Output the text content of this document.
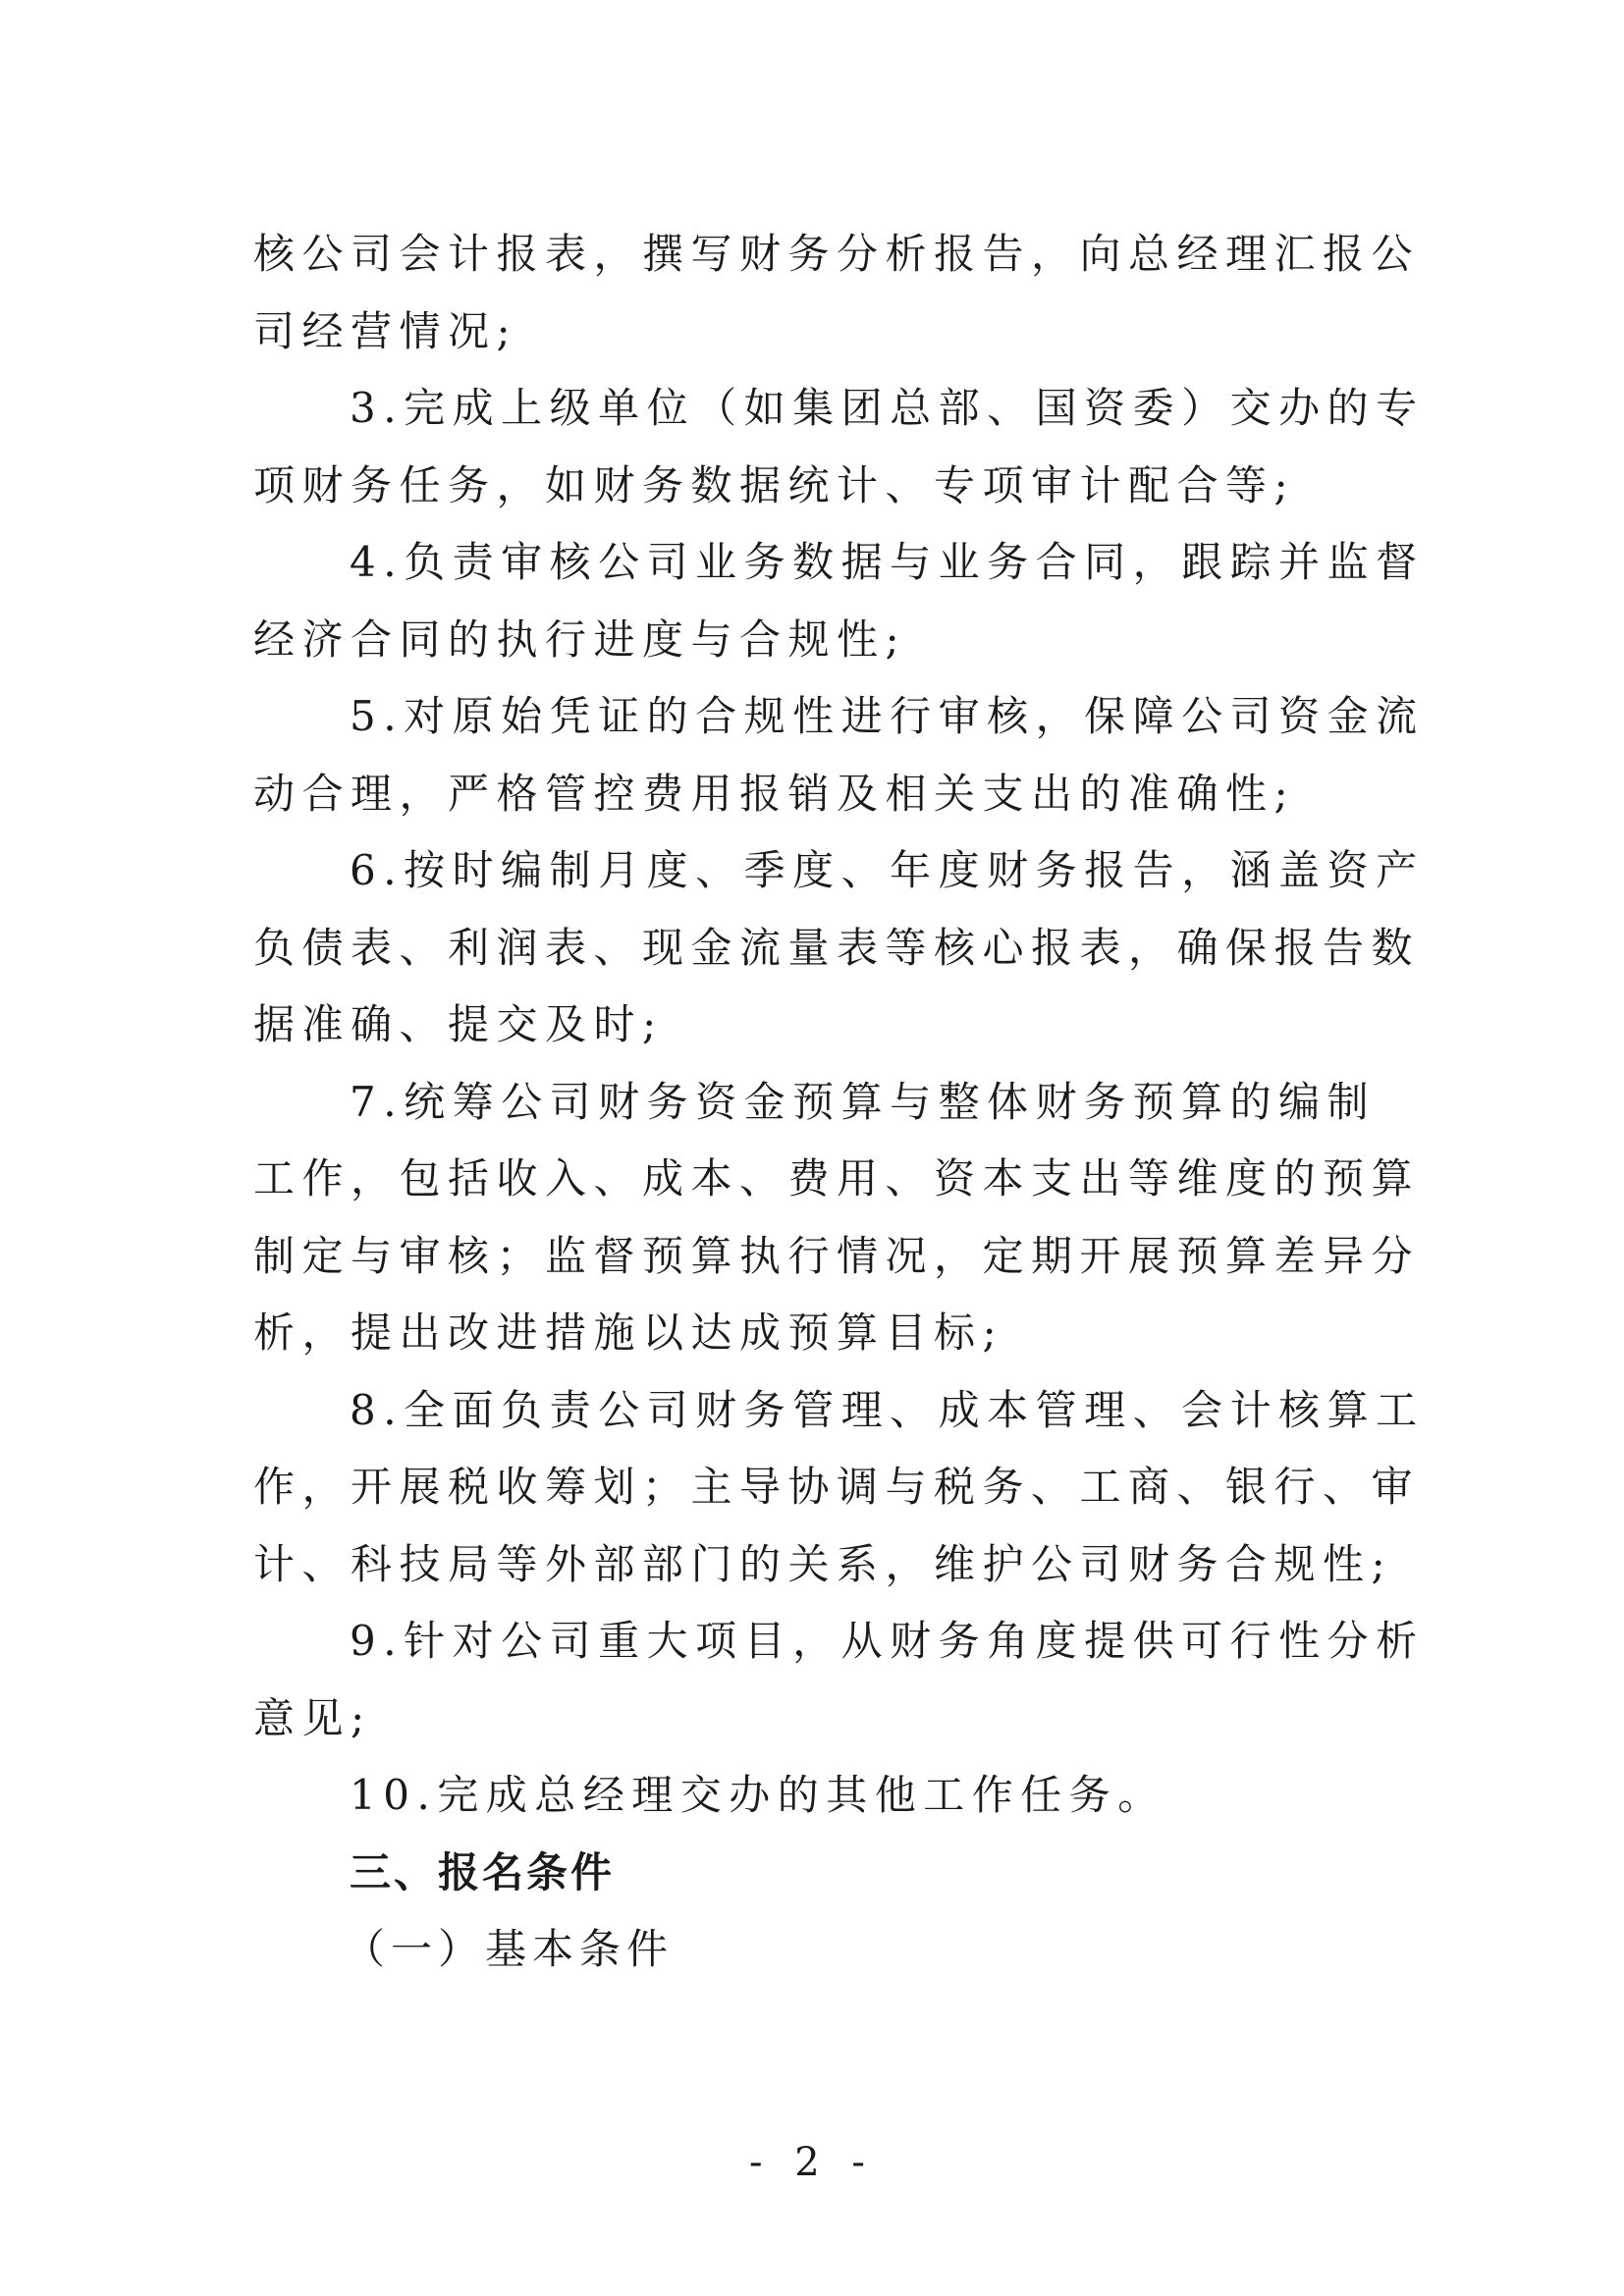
核公司会计报表，撰写财务分析报告，向总经理汇报公
司经营情况;
3.完成上级单位（如集团总部、国资委）交办的专
项财务任务，如财务数据统计、专项审计配合等;
4.负责审核公司业务数据与业务合同，跟踪并监督
经济合同的执行进度与合规性;
5.对原始凭证的合规性进行审核，保障公司资金流
动合理，严格管控费用报销及相关支出的准确性;
6.按时编制月度、季度、年度财务报告，涵盖资产
负债表、利润表、现金流量表等核心报表，确保报告数
据准确、提交及时;
7.统筹公司财务资金预算与整体财务预算的编制
工作，包括收入、成本、费用、资本支出等维度的预算
制定与审核；监督预算执行情况，定期开展预算差异分
析，提出改进措施以达成预算目标;
8.全面负责公司财务管理、成本管理、会计核算工
作，开展税收筹划；主导协调与税务、工商、银行、审
计、科技局等外部部门的关系，维护公司财务合规性;
9.针对公司重大项目，从财务角度提供可行性分析
意见;
10.完成总经理交办的其他工作任务。
三、报名条件
（一）基本条件
- 2 -
